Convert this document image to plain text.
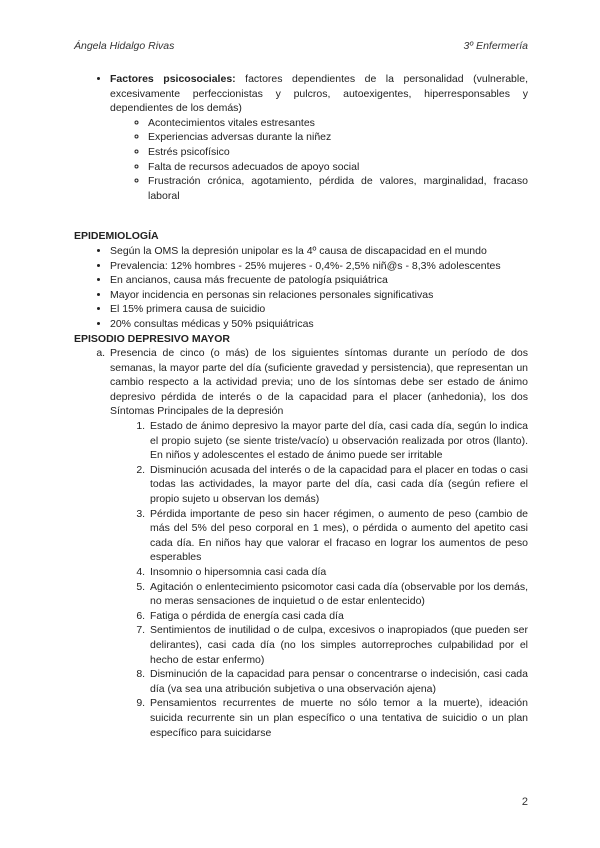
Ángela Hidalgo Rivas	3º Enfermería
• Factores psicosociales: factores dependientes de la personalidad (vulnerable, excesivamente perfeccionistas y pulcros, autoexigentes, hiperresponsables y dependientes de los demás)
◦ Acontecimientos vitales estresantes
◦ Experiencias adversas durante la niñez
◦ Estrés psicofísico
◦ Falta de recursos adecuados de apoyo social
◦ Frustración crónica, agotamiento, pérdida de valores, marginalidad, fracaso laboral

EPIDEMIOLOGÍA

• Según la OMS la depresión unipolar es la 4º causa de discapacidad en el mundo
• Prevalencia: 12% hombres - 25% mujeres - 0,4%- 2,5% niñ@s - 8,3% adolescentes
• En ancianos, causa más frecuente de patología psiquiátrica
• Mayor incidencia en personas sin relaciones personales significativas
• El 15% primera causa de suicidio
• 20% consultas médicas y 50% psiquiátricas

EPISODIO DEPRESIVO MAYOR

a. Presencia de cinco (o más) de los siguientes síntomas durante un período de dos semanas, la mayor parte del día (suficiente gravedad y persistencia), que representan un cambio respecto a la actividad previa; uno de los síntomas debe ser estado de ánimo depresivo pérdida de interés o de la capacidad para el placer (anhedonia), los dos Síntomas Principales de la depresión
1. Estado de ánimo depresivo la mayor parte del día, casi cada día, según lo indica el propio sujeto (se siente triste/vacío) u observación realizada por otros (llanto). En niños y adolescentes el estado de ánimo puede ser irritable
2. Disminución acusada del interés o de la capacidad para el placer en todas o casi todas las actividades, la mayor parte del día, casi cada día (según refiere el propio sujeto u observan los demás)
3. Pérdida importante de peso sin hacer régimen, o aumento de peso (cambio de más del 5% del peso corporal en 1 mes), o pérdida o aumento del apetito casi cada día. En niños hay que valorar el fracaso en lograr los aumentos de peso esperables
4. Insomnio o hipersomnia casi cada día
5. Agitación o enlentecimiento psicomotor casi cada día (observable por los demás, no meras sensaciones de inquietud o de estar enlentecido)
6. Fatiga o pérdida de energía casi cada día
7. Sentimientos de inutilidad o de culpa, excesivos o inapropiados (que pueden ser delirantes), casi cada día (no los simples autorreproches culpabilidad por el hecho de estar enfermo)
8. Disminución de la capacidad para pensar o concentrarse o indecisión, casi cada día (va sea una atribución subjetiva o una observación ajena)
9. Pensamientos recurrentes de muerte no sólo temor a la muerte), ideación suicida recurrente sin un plan específico o una tentativa de suicidio o un plan específico para suicidarse
2
